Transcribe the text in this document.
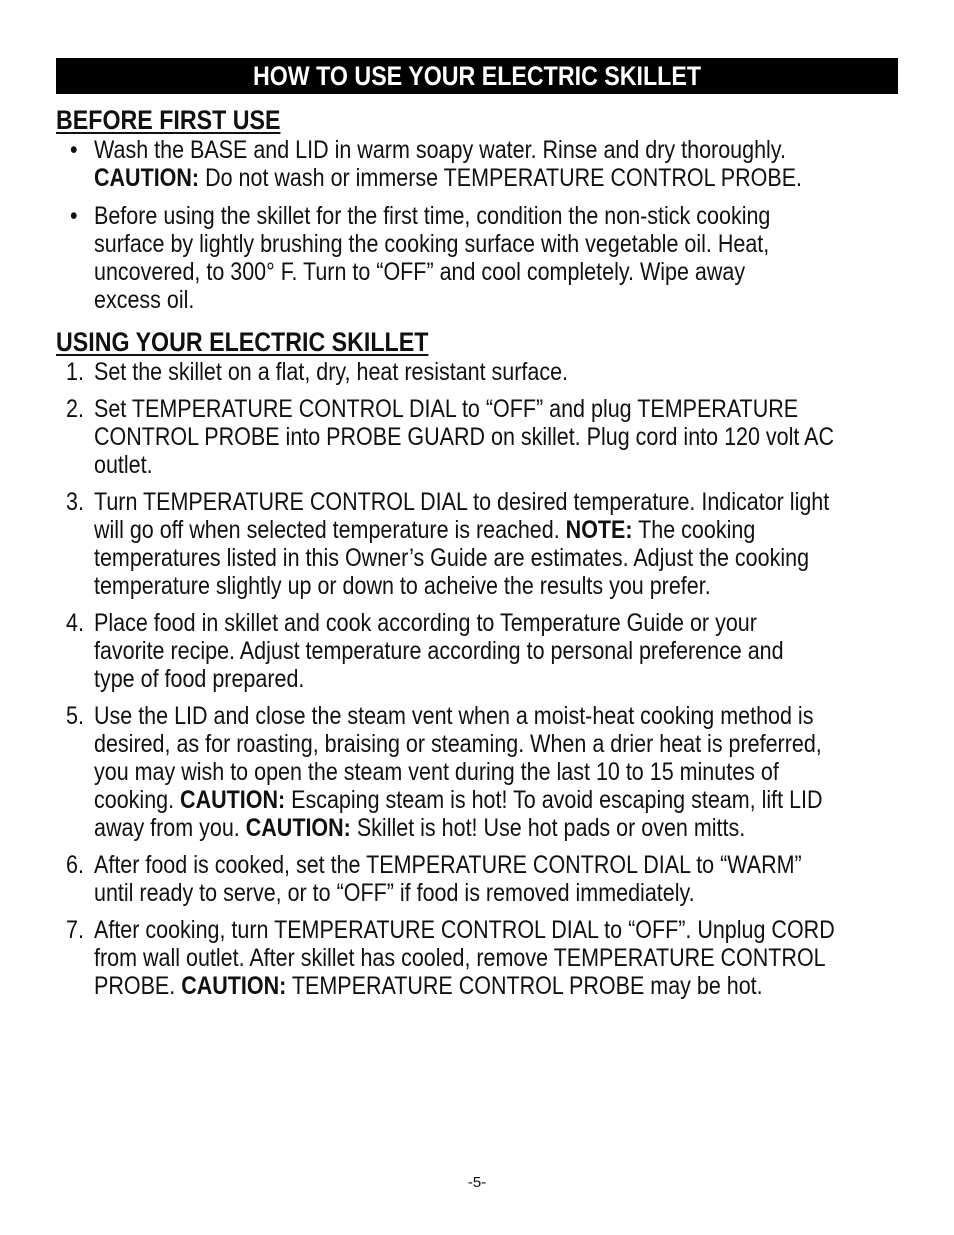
HOW TO USE YOUR ELECTRIC SKILLET
BEFORE FIRST USE
• Wash the BASE and LID in warm soapy water. Rinse and dry thoroughly.
CAUTION: Do not wash or immerse TEMPERATURE CONTROL PROBE.
• Before using the skillet for the first time, condition the non-stick cooking
surface by lightly brushing the cooking surface with vegetable oil. Heat,
uncovered, to 300° F. Turn to “OFF” and cool completely. Wipe away
excess oil.
USING YOUR ELECTRIC SKILLET
1. Set the skillet on a flat, dry, heat resistant surface.
2. Set TEMPERATURE CONTROL DIAL to “OFF” and plug TEMPERATURE
CONTROL PROBE into PROBE GUARD on skillet. Plug cord into 120 volt AC
outlet.
3. Turn TEMPERATURE CONTROL DIAL to desired temperature. Indicator light
will go off when selected temperature is reached. NOTE: The cooking
temperatures listed in this Owner’s Guide are estimates. Adjust the cooking
temperature slightly up or down to acheive the results you prefer.
4. Place food in skillet and cook according to Temperature Guide or your
favorite recipe. Adjust temperature according to personal preference and
type of food prepared.
5. Use the LID and close the steam vent when a moist-heat cooking method is
desired, as for roasting, braising or steaming. When a drier heat is preferred,
you may wish to open the steam vent during the last 10 to 15 minutes of
cooking. CAUTION: Escaping steam is hot! To avoid escaping steam, lift LID
away from you. CAUTION: Skillet is hot! Use hot pads or oven mitts.
6. After food is cooked, set the TEMPERATURE CONTROL DIAL to “WARM”
until ready to serve, or to “OFF” if food is removed immediately.
7. After cooking, turn TEMPERATURE CONTROL DIAL to “OFF”. Unplug CORD
from wall outlet. After skillet has cooled, remove TEMPERATURE CONTROL
PROBE. CAUTION: TEMPERATURE CONTROL PROBE may be hot.
-5-
